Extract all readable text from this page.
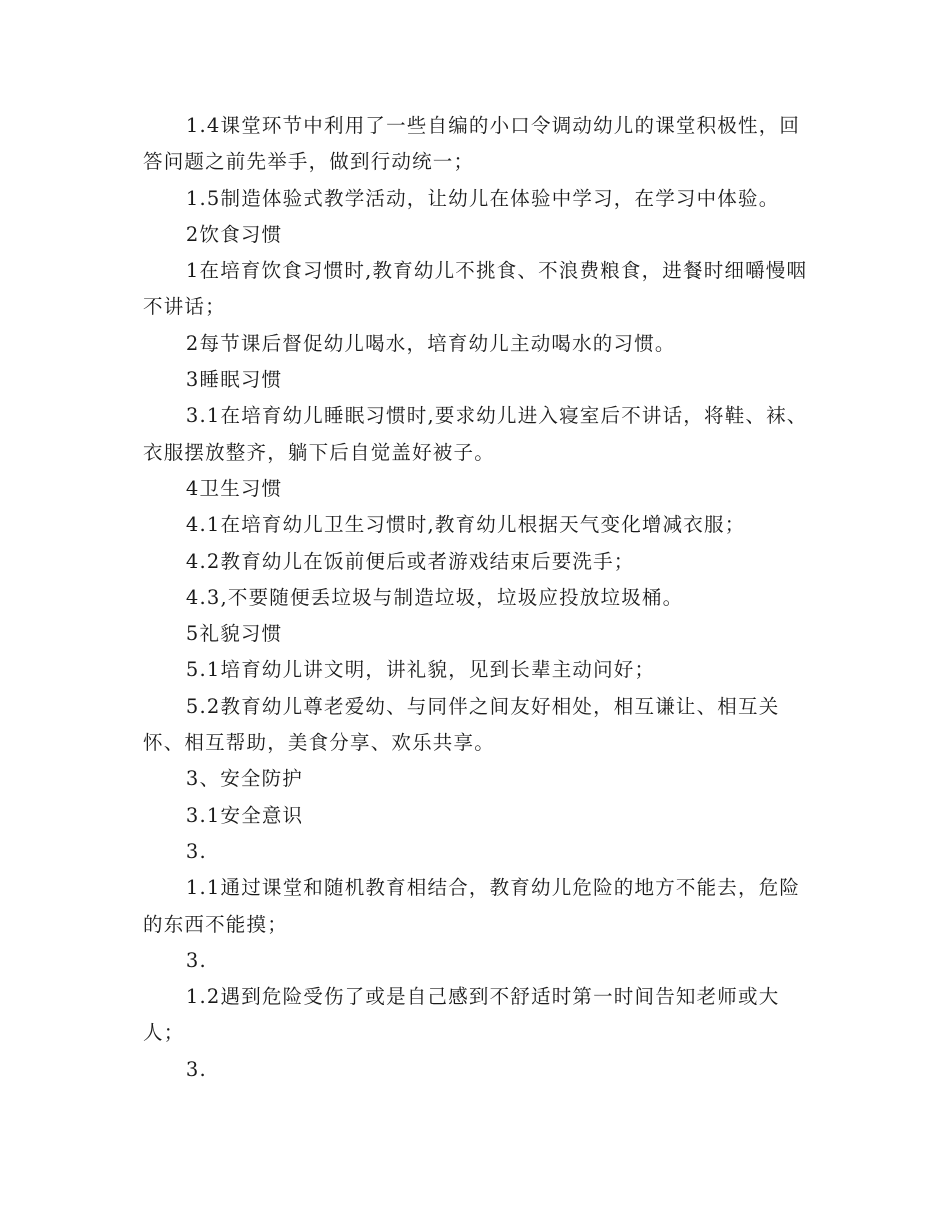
1.4课堂环节中利用了一些自编的小口令调动幼儿的课堂积极性，回答问题之前先举手，做到行动统一；

1.5制造体验式教学活动，让幼儿在体验中学习，在学习中体验。

2饮食习惯

1在培育饮食习惯时,教育幼儿不挑食、不浪费粮食，进餐时细嚼慢咽不讲话；

2每节课后督促幼儿喝水，培育幼儿主动喝水的习惯。

3睡眠习惯

3.1在培育幼儿睡眠习惯时,要求幼儿进入寝室后不讲话，将鞋、袜、衣服摆放整齐，躺下后自觉盖好被子。

4卫生习惯

4.1在培育幼儿卫生习惯时,教育幼儿根据天气变化增减衣服；

4.2教育幼儿在饭前便后或者游戏结束后要洗手；

4.3,不要随便丢垃圾与制造垃圾，垃圾应投放垃圾桶。

5礼貌习惯

5.1培育幼儿讲文明，讲礼貌，见到长辈主动问好；

5.2教育幼儿尊老爱幼、与同伴之间友好相处，相互谦让、相互关怀、相互帮助，美食分享、欢乐共享。

3、安全防护

3.1安全意识

3.

1.1通过课堂和随机教育相结合，教育幼儿危险的地方不能去，危险的东西不能摸；

3.

1.2遇到危险受伤了或是自己感到不舒适时第一时间告知老师或大人；

3.
